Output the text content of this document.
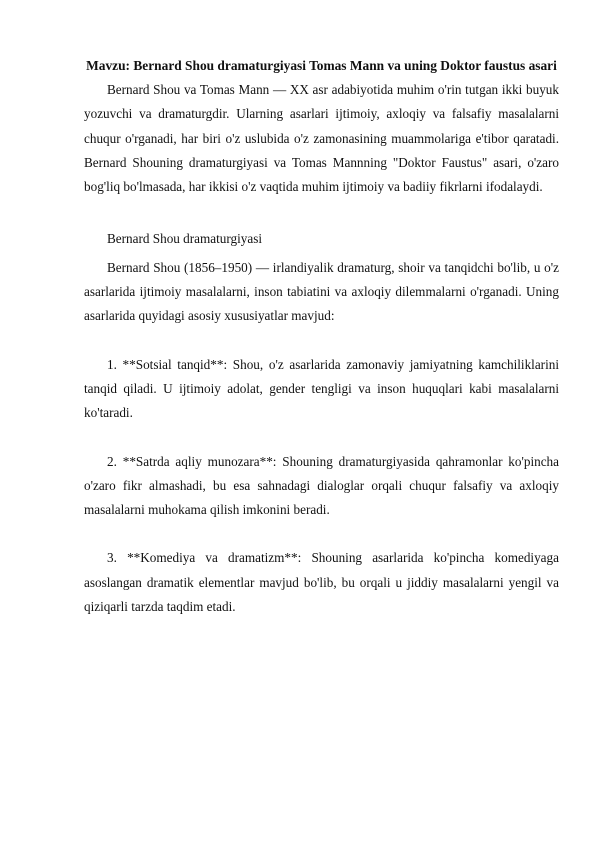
Mavzu: Bernard Shou dramaturgiyasi Tomas Mann va uning Doktor faustus asari

Bernard Shou va Tomas Mann — XX asr adabiyotida muhim o'rin tutgan ikki buyuk yozuvchi va dramaturgdir. Ularning asarlari ijtimoiy, axloqiy va falsafiy masalalarni chuqur o'rganadi, har biri o'z uslubida o'z zamonasining muammolariga e'tibor qaratadi. Bernard Shouning dramaturgiyasi va Tomas Mannning "Doktor Faustus" asari, o'zaro bog'liq bo'lmasada, har ikkisi o'z vaqtida muhim ijtimoiy va badiiy fikrlarni ifodalaydi.

Bernard Shou dramaturgiyasi

Bernard Shou (1856–1950) — irlandiyalik dramaturg, shoir va tanqidchi bo'lib, u o'z asarlarida ijtimoiy masalalarni, inson tabiatini va axloqiy dilemmalarni o'rganadi. Uning asarlarida quyidagi asosiy xususiyatlar mavjud:

1. **Sotsial tanqid**: Shou, o'z asarlarida zamonaviy jamiyatning kamchiliklarini tanqid qiladi. U ijtimoiy adolat, gender tengligi va inson huquqlari kabi masalalarni ko'taradi.

2. **Satrda aqliy munozara**: Shouning dramaturgiyasida qahramonlar ko'pincha o'zaro fikr almashadi, bu esa sahnadagi dialoglar orqali chuqur falsafiy va axloqiy masalalarni muhokama qilish imkonini beradi.

3. **Komediya va dramatizm**: Shouning asarlarida ko'pincha komediyaga asoslangan dramatik elementlar mavjud bo'lib, bu orqali u jiddiy masalalarni yengil va qiziqarli tarzda taqdim etadi.
